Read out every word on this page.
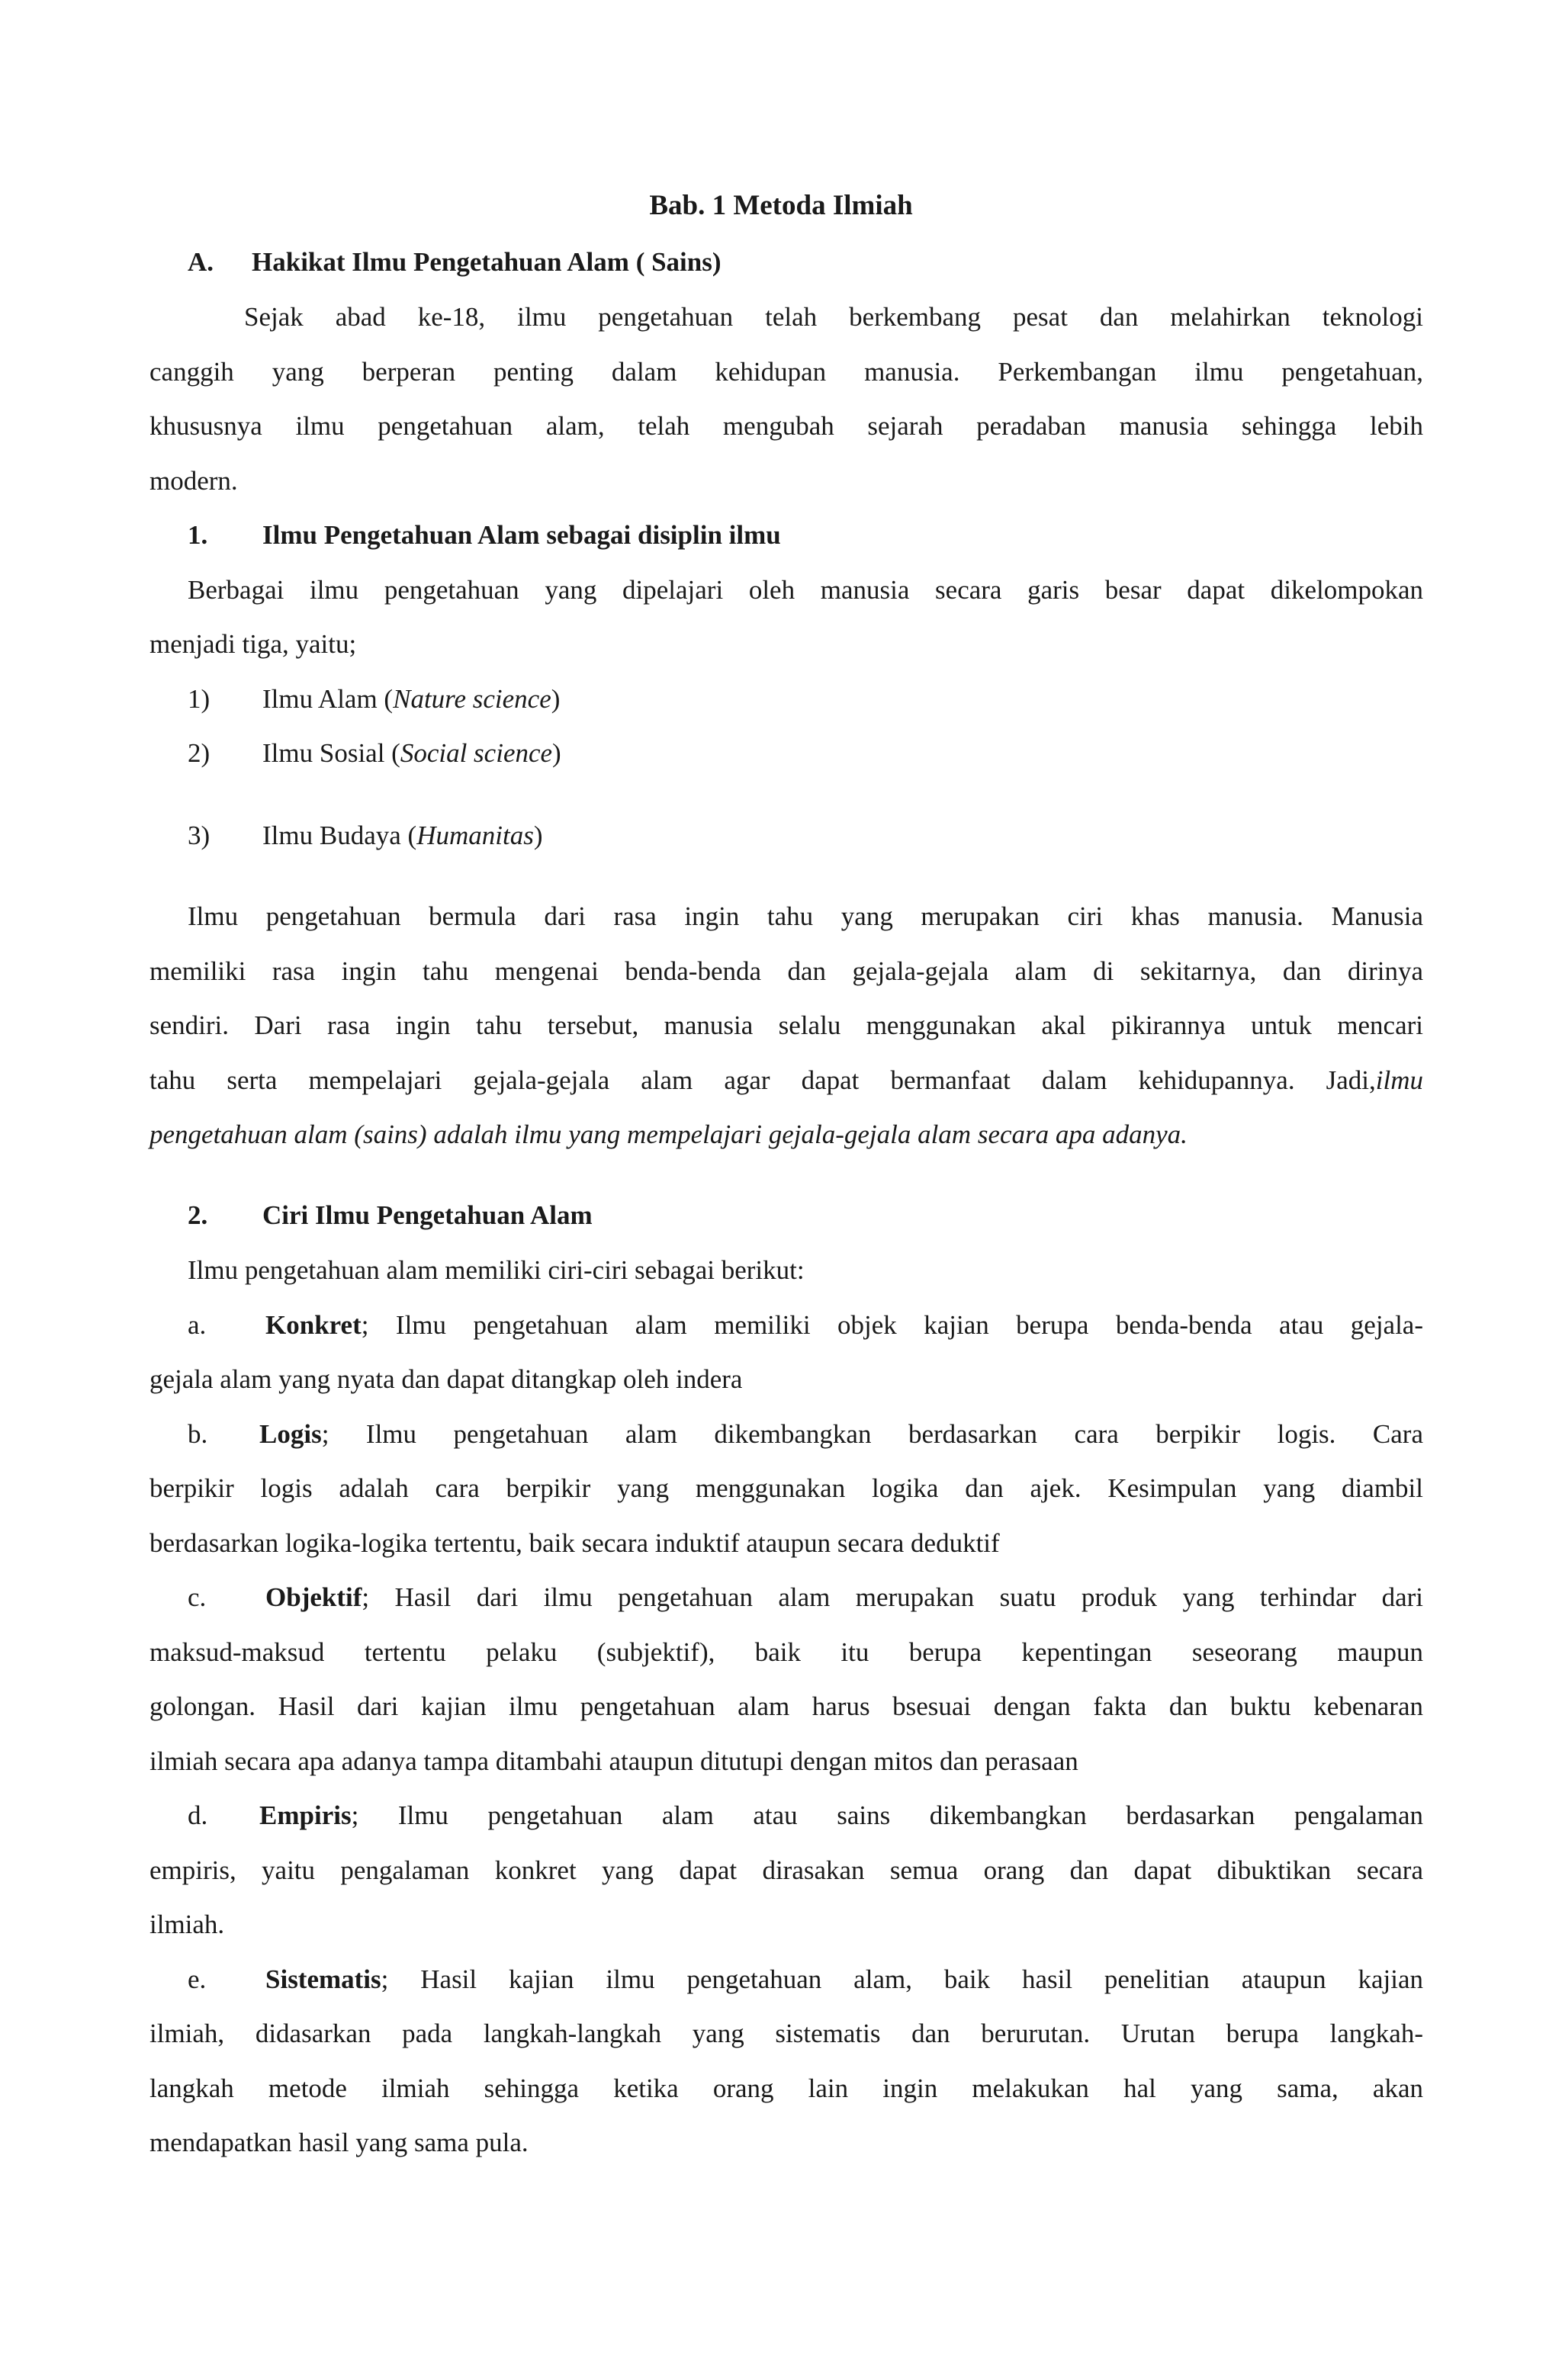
Bab. 1 Metoda Ilmiah
A. Hakikat Ilmu Pengetahuan Alam ( Sains)
Sejak abad ke-18, ilmu pengetahuan telah berkembang pesat dan melahirkan teknologi
canggih yang berperan penting dalam kehidupan manusia. Perkembangan ilmu pengetahuan,
khususnya ilmu pengetahuan alam, telah mengubah sejarah peradaban manusia sehingga lebih
modern.
1. Ilmu Pengetahuan Alam sebagai disiplin ilmu
Berbagai ilmu pengetahuan yang dipelajari oleh manusia secara garis besar dapat dikelompokan
menjadi tiga, yaitu;
1) Ilmu Alam (Nature science)
2) Ilmu Sosial (Social science)
3) Ilmu Budaya (Humanitas)
Ilmu pengetahuan bermula dari rasa ingin tahu yang merupakan ciri khas manusia. Manusia
memiliki rasa ingin tahu mengenai benda-benda dan gejala-gejala alam di sekitarnya, dan dirinya
sendiri. Dari rasa ingin tahu tersebut, manusia selalu menggunakan akal pikirannya untuk mencari
tahu serta mempelajari gejala-gejala alam agar dapat bermanfaat dalam kehidupannya. Jadi,ilmu
pengetahuan alam (sains) adalah ilmu yang mempelajari gejala-gejala alam secara apa adanya.
2. Ciri Ilmu Pengetahuan Alam
Ilmu pengetahuan alam memiliki ciri-ciri sebagai berikut:
a. Konkret; Ilmu pengetahuan alam memiliki objek kajian berupa benda-benda atau gejala-
gejala alam yang nyata dan dapat ditangkap oleh indera
b. Logis; Ilmu pengetahuan alam dikembangkan berdasarkan cara berpikir logis. Cara
berpikir logis adalah cara berpikir yang menggunakan logika dan ajek. Kesimpulan yang diambil
berdasarkan logika-logika tertentu, baik secara induktif ataupun secara deduktif
c. Objektif; Hasil dari ilmu pengetahuan alam merupakan suatu produk yang terhindar dari
maksud-maksud tertentu pelaku (subjektif), baik itu berupa kepentingan seseorang maupun
golongan. Hasil dari kajian ilmu pengetahuan alam harus bsesuai dengan fakta dan buktu kebenaran
ilmiah secara apa adanya tampa ditambahi ataupun ditutupi dengan mitos dan perasaan
d. Empiris; Ilmu pengetahuan alam atau sains dikembangkan berdasarkan pengalaman
empiris, yaitu pengalaman konkret yang dapat dirasakan semua orang dan dapat dibuktikan secara
ilmiah.
e. Sistematis; Hasil kajian ilmu pengetahuan alam, baik hasil penelitian ataupun kajian
ilmiah, didasarkan pada langkah-langkah yang sistematis dan berurutan. Urutan berupa langkah-
langkah metode ilmiah sehingga ketika orang lain ingin melakukan hal yang sama, akan
mendapatkan hasil yang sama pula.
